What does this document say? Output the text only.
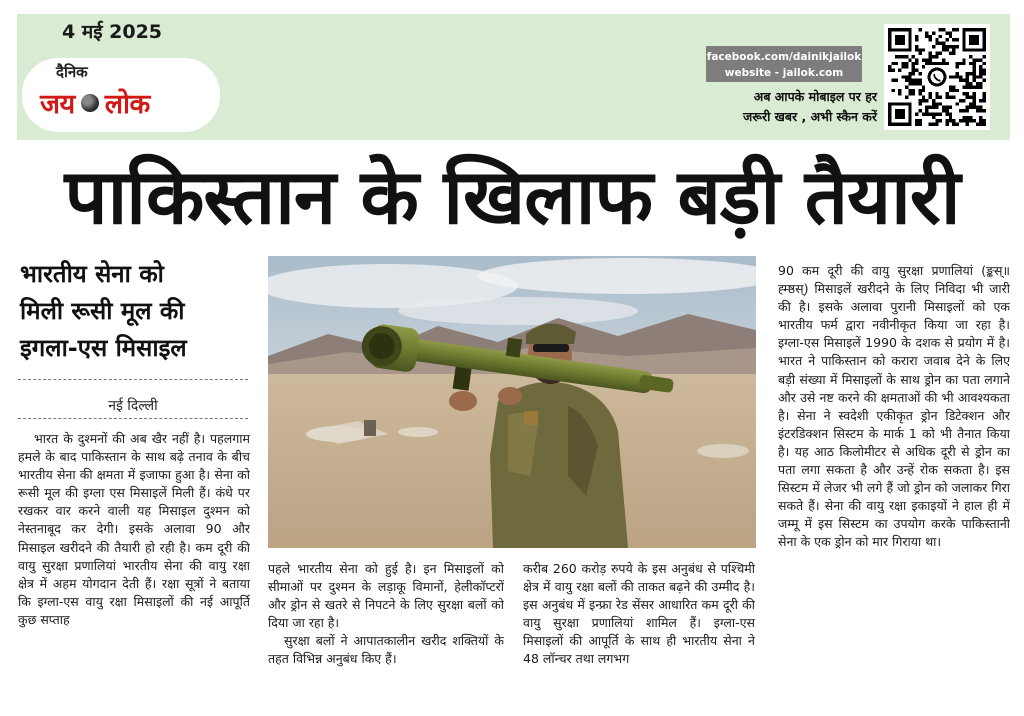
4 मई 2025
दैनिक
जय लोक
facebook.com/dainikjailok
website - jailok.com
अब आपके मोबाइल पर हर
जरूरी खबर , अभी स्कैन करें
पाकिस्तान के खिलाफ बड़ी तैयारी
भारतीय सेना को
मिली रूसी मूल की
इगला-एस मिसाइल
नई दिल्ली

भारत के दुश्मनों की अब खैर नहीं है। पहलगाम हमले के बाद पाकिस्तान के साथ बढ़े तनाव के बीच भारतीय सेना की क्षमता में इजाफा हुआ है। सेना को रूसी मूल की इग्ला एस मिसाइलें मिली हैं। कंधे पर रखकर वार करने वाली यह मिसाइल दुश्मन को नेस्तनाबूद कर देगी। इसके अलावा 90 और मिसाइल खरीदने की तैयारी हो रही है। कम दूरी की वायु सुरक्षा प्रणालियां भारतीय सेना की वायु रक्षा क्षेत्र में अहम योगदान देती हैं। रक्षा सूत्रों ने बताया कि इग्ला-एस वायु रक्षा मिसाइलों की नई आपूर्ति कुछ सप्ताह

पहले भारतीय सेना को हुई है। इन मिसाइलों को सीमाओं पर दुश्मन के लड़ाकू विमानों, हेलीकॉप्टरों और ड्रोन से खतरे से निपटने के लिए सुरक्षा बलों को दिया जा रहा है।

सुरक्षा बलों ने आपातकालीन खरीद शक्तियों के तहत विभिन्न अनुबंध किए हैं।

करीब 260 करोड़ रुपये के इस अनुबंध से पश्चिमी क्षेत्र में वायु रक्षा बलों की ताकत बढ़ने की उम्मीद है। इस अनुबंध में इन्फ्रा रेड सेंसर आधारित कम दूरी की वायु सुरक्षा प्रणालियां शामिल हैं। इग्ला-एस मिसाइलों की आपूर्ति के साथ ही भारतीय सेना ने 48 लॉन्चर तथा लगभग
90 कम दूरी की वायु सुरक्षा प्रणालियां (ङ्कस्॥ह्म्ष्ठस्) मिसाइलें खरीदने के लिए निविदा भी जारी की है। इसके अलावा पुरानी मिसाइलों को एक भारतीय फर्म द्वारा नवीनीकृत किया जा रहा है। इग्ला-एस मिसाइलें 1990 के दशक से प्रयोग में है। भारत ने पाकिस्तान को करारा जवाब देने के लिए बड़ी संख्या में मिसाइलों के साथ ड्रोन का पता लगाने और उसे नष्ट करने की क्षमताओं की भी आवश्यकता है। सेना ने स्वदेशी एकीकृत ड्रोन डिटेक्शन और इंटरडिक्शन सिस्टम के मार्क 1 को भी तैनात किया है। यह आठ किलोमीटर से अधिक दूरी से ड्रोन का पता लगा सकता है और उन्हें रोक सकता है। इस सिस्टम में लेजर भी लगे हैं जो ड्रोन को जलाकर गिरा सकते हैं। सेना की वायु रक्षा इकाइयों ने हाल ही में जम्मू में इस सिस्टम का उपयोग करके पाकिस्तानी सेना के एक ड्रोन को मार गिराया था।
